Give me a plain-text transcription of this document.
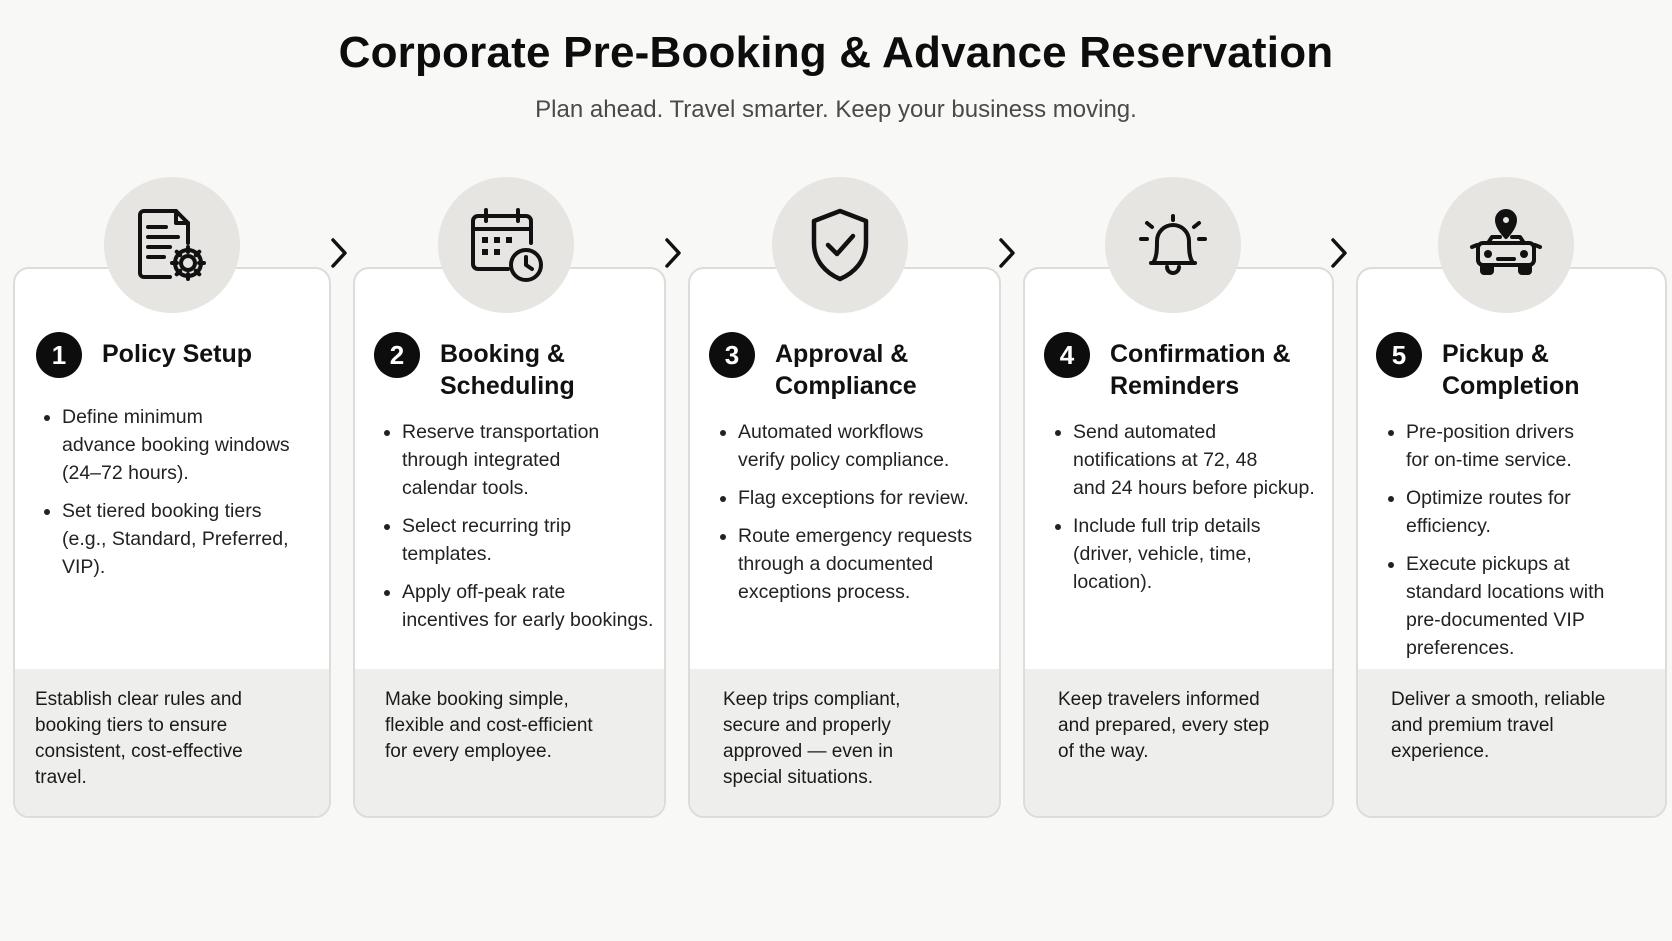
Corporate Pre-Booking & Advance Reservation

Plan ahead. Travel smarter. Keep your business moving.

Establish clear rules and
booking tiers to ensure
consistent, cost-effective
travel.
Make booking simple,
flexible and cost-efficient
for every employee.
Keep trips compliant,
secure and properly
approved — even in
special situations.
Keep travelers informed
and prepared, every step
of the way.
Deliver a smooth, reliable
and premium travel
experience.
1	Policy Setup	2	Booking &
Scheduling
3	Approval &
Compliance
4	Confirmation &
Reminders
5	Pickup &
Completion
Define minimum
advance booking windows
(24–72 hours).
Set tiered booking tiers
(e.g., Standard, Preferred,
VIP).
Reserve transportation
through integrated
calendar tools.
Select recurring trip
templates.
Apply off-peak rate
incentives for early bookings.
Automated workflows
verify policy compliance.
Flag exceptions for review.
Route emergency requests
through a documented
exceptions process.
Send automated
notifications at 72, 48
and 24 hours before pickup.
Include full trip details
(driver, vehicle, time,
location).
Pre-position drivers
for on-time service.
Optimize routes for
efficiency.
Execute pickups at
standard locations with
pre-documented VIP
preferences.
